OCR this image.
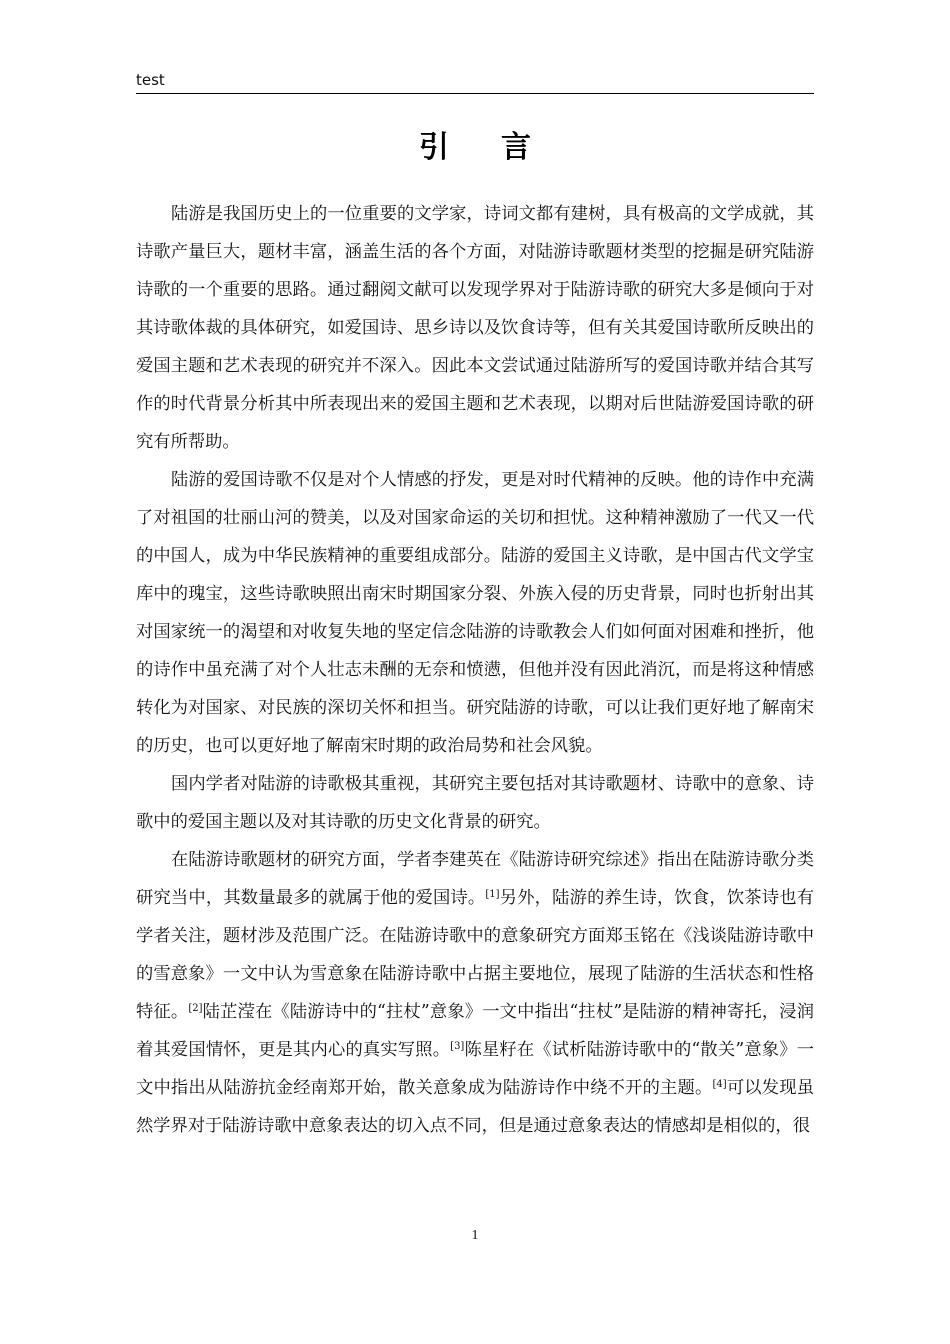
test
引言

陆游是我国历史上的一位重要的文学家，诗词文都有建树，具有极高的文学成就，其诗歌产量巨大，题材丰富，涵盖生活的各个方面，对陆游诗歌题材类型的挖掘是研究陆游诗歌的一个重要的思路。通过翻阅文献可以发现学界对于陆游诗歌的研究大多是倾向于对其诗歌体裁的具体研究，如爱国诗、思乡诗以及饮食诗等，但有关其爱国诗歌所反映出的爱国主题和艺术表现的研究并不深入。因此本文尝试通过陆游所写的爱国诗歌并结合其写作的时代背景分析其中所表现出来的爱国主题和艺术表现，以期对后世陆游爱国诗歌的研究有所帮助。

陆游的爱国诗歌不仅是对个人情感的抒发，更是对时代精神的反映。他的诗作中充满了对祖国的壮丽山河的赞美，以及对国家命运的关切和担忧。这种精神激励了一代又一代的中国人，成为中华民族精神的重要组成部分。陆游的爱国主义诗歌，是中国古代文学宝库中的瑰宝，这些诗歌映照出南宋时期国家分裂、外族入侵的历史背景，同时也折射出其对国家统一的渴望和对收复失地的坚定信念陆游的诗歌教会人们如何面对困难和挫折，他的诗作中虽充满了对个人壮志未酬的无奈和愤懑，但他并没有因此消沉，而是将这种情感转化为对国家、对民族的深切关怀和担当。研究陆游的诗歌，可以让我们更好地了解南宋的历史，也可以更好地了解南宋时期的政治局势和社会风貌。

国内学者对陆游的诗歌极其重视，其研究主要包括对其诗歌题材、诗歌中的意象、诗歌中的爱国主题以及对其诗歌的历史文化背景的研究。

在陆游诗歌题材的研究方面，学者李建英在《陆游诗研究综述》指出在陆游诗歌分类研究当中，其数量最多的就属于他的爱国诗。[1]另外，陆游的养生诗，饮食，饮茶诗也有学者关注，题材涉及范围广泛。在陆游诗歌中的意象研究方面郑玉铭在《浅谈陆游诗歌中的雪意象》一文中认为雪意象在陆游诗歌中占据主要地位，展现了陆游的生活状态和性格特征。[2]陆芷滢在《陆游诗中的“拄杖”意象》一文中指出“拄杖”是陆游的精神寄托，浸润着其爱国情怀，更是其内心的真实写照。[3]陈星籽在《试析陆游诗歌中的“散关”意象》一文中指出从陆游抗金经南郑开始，散关意象成为陆游诗作中绕不开的主题。[4]可以发现虽然学界对于陆游诗歌中意象表达的切入点不同，但是通过意象表达的情感却是相似的，很

1
